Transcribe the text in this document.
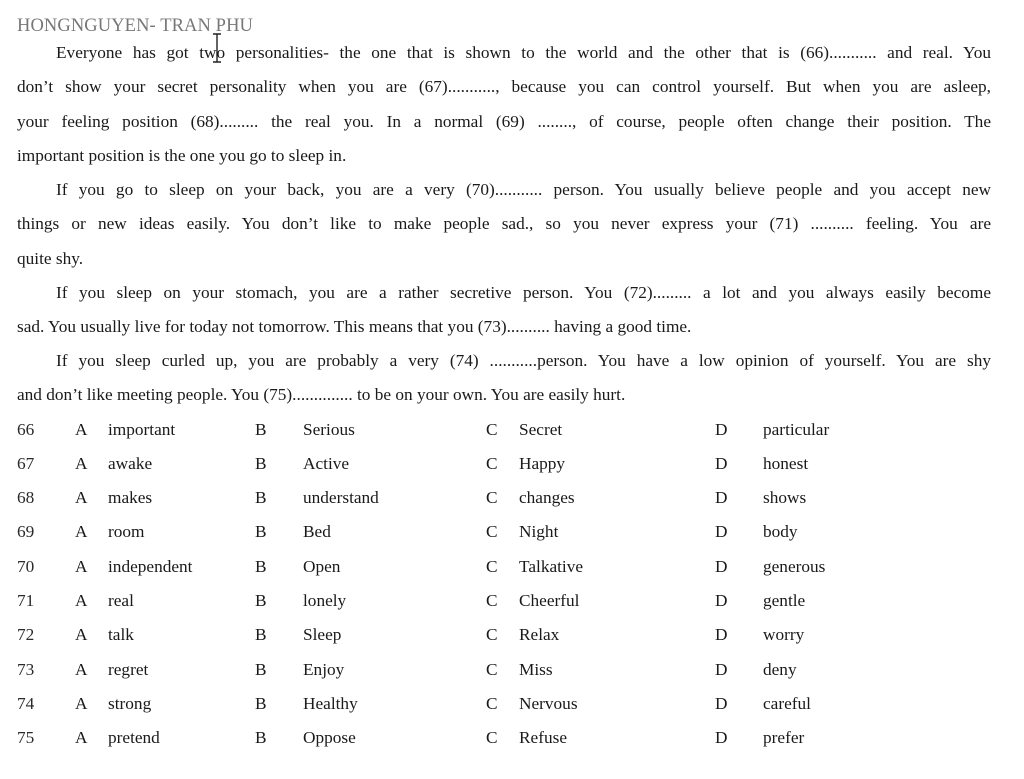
HONGNGUYEN- TRAN PHU
Everyone has got two personalities- the one that is shown to the world and the other that is (66)........... and real. You
don’t show your secret personality when you are (67)..........., because you can control yourself. But when you are asleep,
your feeling position (68)......... the real you. In a normal (69) ........, of course, people often change their position. The
important position is the one you go to sleep in.
If you go to sleep on your back, you are a very (70)........... person. You usually believe people and you accept new
things or new ideas easily. You don’t like to make people sad., so you never express your (71) .......... feeling. You are
quite shy.
If you sleep on your stomach, you are a rather secretive person. You (72)......... a lot and you always easily become
sad. You usually live for today not tomorrow. This means that you (73).......... having a good time.
If you sleep curled up, you are probably a very (74) ...........person. You have a low opinion of yourself. You are shy
and don’t like meeting people. You (75).............. to be on your own. You are easily hurt.
66 A important	B Serious	C Secret	D particular
67 A awake	B Active	C Happy	D honest
68 A makes	B understand	C changes	D shows
69 A room	B Bed	C Night	D body
70 A independent	B Open	C Talkative	D generous
71 A real	B lonely	C Cheerful	D gentle
72 A talk	B Sleep	C Relax	D worry
73 A regret	B Enjoy	C Miss	D deny
74 A strong	B Healthy	C Nervous	D careful
75 A pretend	B Oppose	C Refuse	D prefer
